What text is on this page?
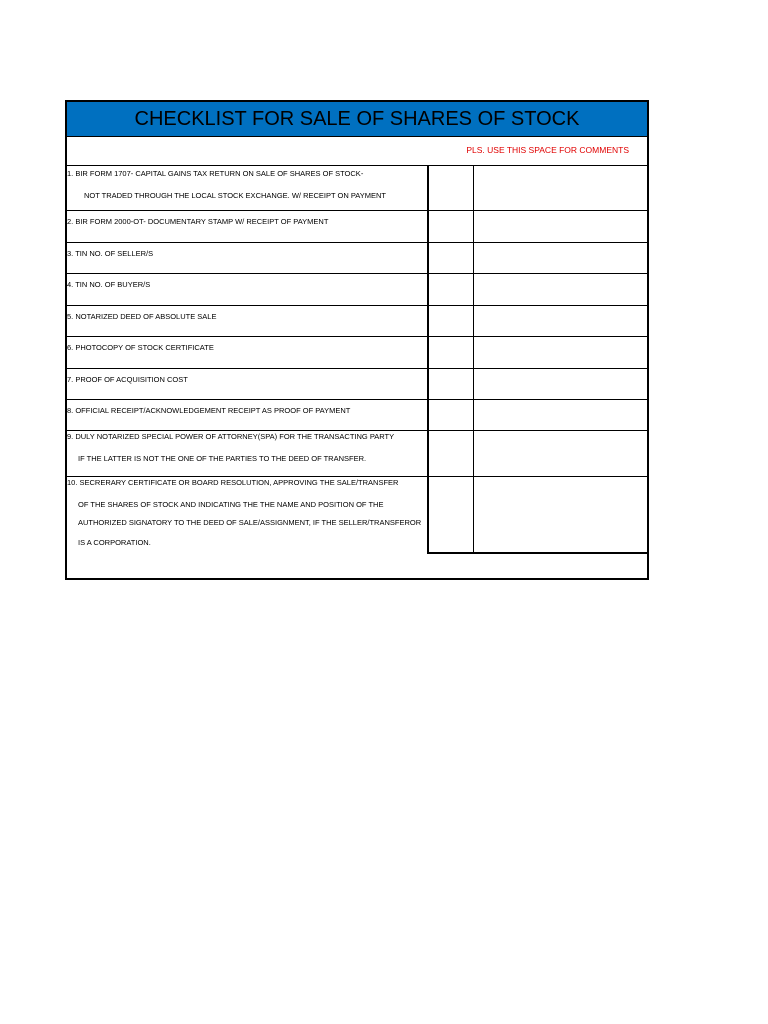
CHECKLIST FOR SALE OF SHARES OF STOCK
PLS. USE THIS SPACE FOR COMMENTS
1. BIR FORM 1707- CAPITAL GAINS TAX RETURN ON SALE OF SHARES OF STOCK-
NOT TRADED THROUGH THE LOCAL STOCK EXCHANGE. W/ RECEIPT ON PAYMENT
2. BIR FORM 2000-OT- DOCUMENTARY STAMP W/ RECEIPT OF PAYMENT
3. TIN NO. OF SELLER/S
4. TIN NO. OF BUYER/S
5. NOTARIZED DEED OF ABSOLUTE SALE
6. PHOTOCOPY OF STOCK CERTIFICATE
7. PROOF OF ACQUISITION COST
8. OFFICIAL RECEIPT/ACKNOWLEDGEMENT RECEIPT AS PROOF OF PAYMENT
9. DULY NOTARIZED SPECIAL POWER OF ATTORNEY(SPA) FOR THE TRANSACTING PARTY
IF THE LATTER IS NOT THE ONE OF THE PARTIES TO THE DEED OF TRANSFER.
10. SECRERARY CERTIFICATE OR BOARD RESOLUTION, APPROVING THE SALE/TRANSFER
OF THE SHARES OF STOCK AND INDICATING THE THE NAME AND POSITION OF THE
AUTHORIZED SIGNATORY TO THE DEED OF SALE/ASSIGNMENT, IF THE SELLER/TRANSFEROR
IS A CORPORATION.
